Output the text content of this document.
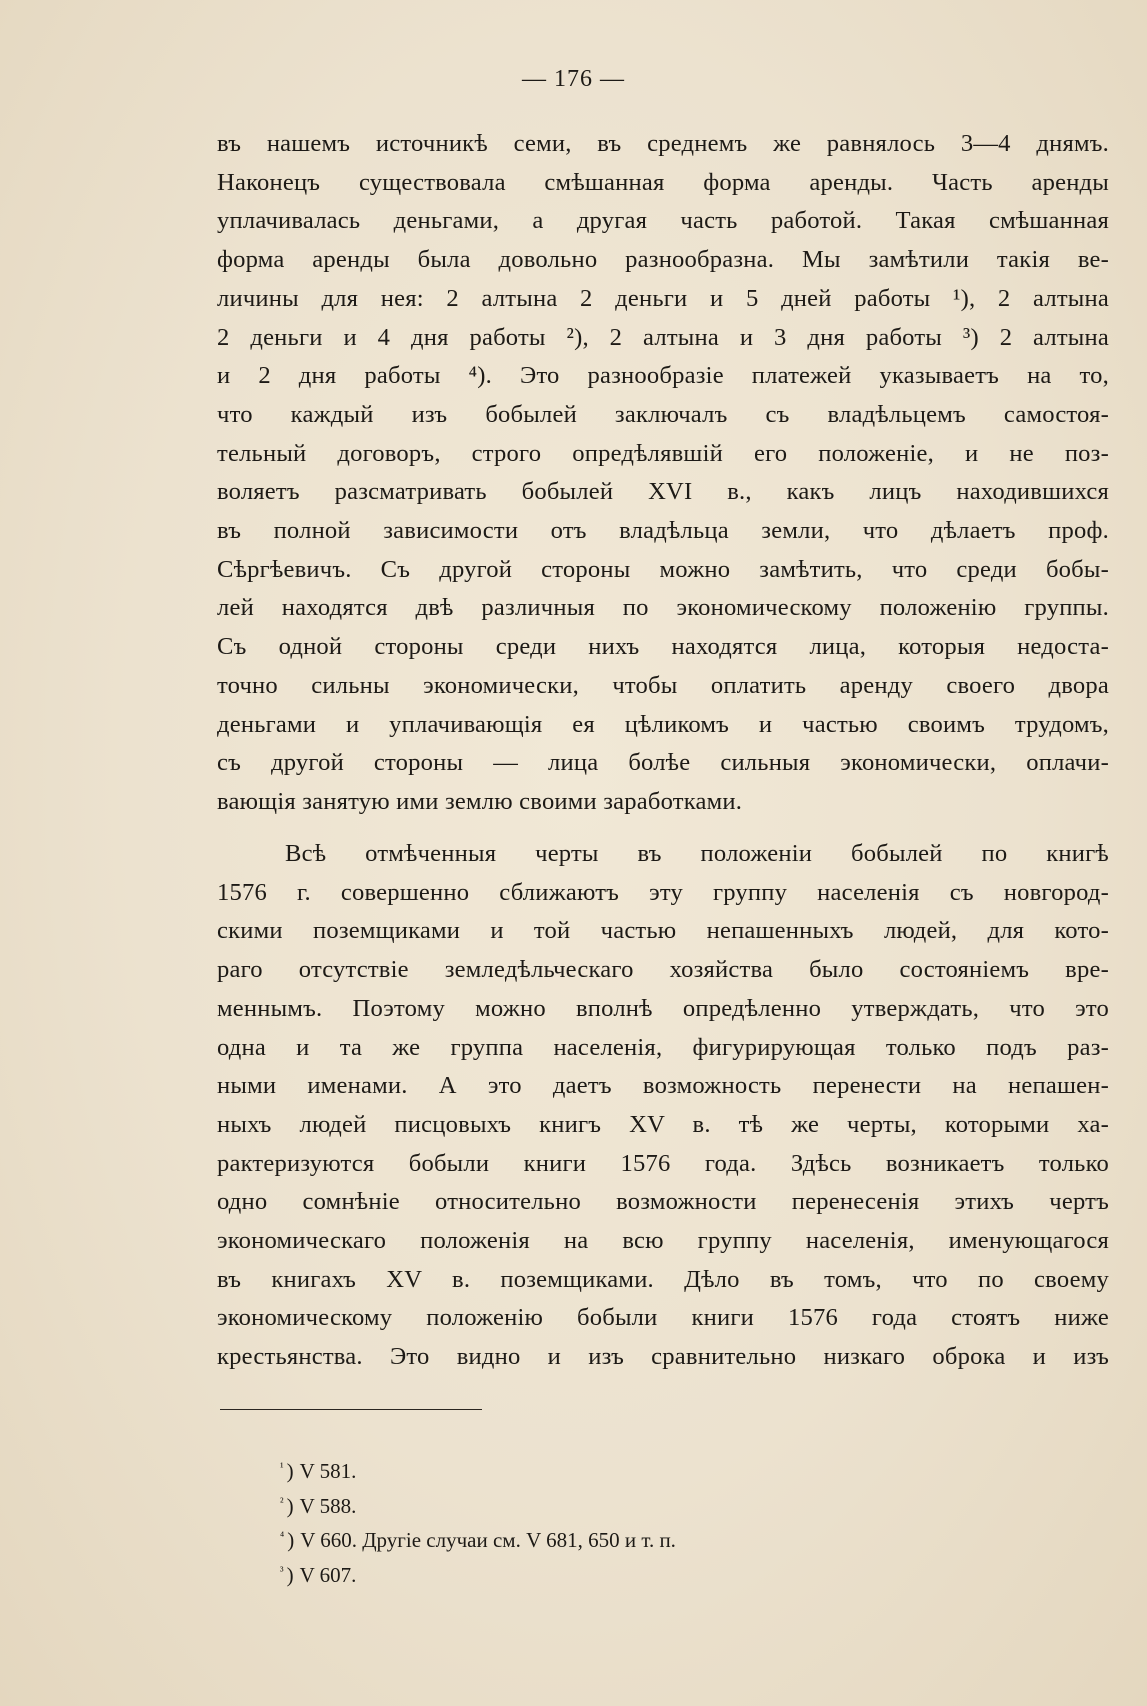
— 176 —
въ нашемъ источникѣ семи, въ среднемъ же равнялось 3—4 днямъ.
Наконецъ существовала смѣшанная форма аренды. Часть аренды
уплачивалась деньгами, а другая часть работой. Такая смѣшанная
форма аренды была довольно разнообразна. Мы замѣтили такія ве-
личины для нея: 2 алтына 2 деньги и 5 дней работы ¹), 2 алтына
2 деньги и 4 дня работы ²), 2 алтына и 3 дня работы ³) 2 алтына
и 2 дня работы ⁴). Это разнообразіе платежей указываетъ на то,
что каждый изъ бобылей заключалъ съ владѣльцемъ самостоя-
тельный договоръ, строго опредѣлявшій его положеніе, и не поз-
воляетъ разсматривать бобылей XVI в., какъ лицъ находившихся
въ полной зависимости отъ владѣльца земли, что дѣлаетъ проф.
Сѣргѣевичъ. Съ другой стороны можно замѣтить, что среди бобы-
лей находятся двѣ различныя по экономическому положенію группы.
Съ одной стороны среди нихъ находятся лица, которыя недоста-
точно сильны экономически, чтобы оплатить аренду своего двора
деньгами и уплачивающія ея цѣликомъ и частью своимъ трудомъ,
съ другой стороны — лица болѣе сильныя экономически, оплачи-
вающія занятую ими землю своими заработками.
Всѣ отмѣченныя черты въ положеніи бобылей по книгѣ
1576 г. совершенно сближаютъ эту группу населенія съ новгород-
скими поземщиками и той частью непашенныхъ людей, для кото-
раго отсутствіе земледѣльческаго хозяйства было состояніемъ вре-
меннымъ. Поэтому можно вполнѣ опредѣленно утверждать, что это
одна и та же группа населенія, фигурирующая только подъ раз-
ными именами. А это даетъ возможность перенести на непашен-
ныхъ людей писцовыхъ книгъ XV в. тѣ же черты, которыми ха-
рактеризуются бобыли книги 1576 года. Здѣсь возникаетъ только
одно сомнѣніе относительно возможности перенесенія этихъ чертъ
экономическаго положенія на всю группу населенія, именующагося
въ книгахъ XV в. поземщиками. Дѣло въ томъ, что по своему
экономическому положенію бобыли книги 1576 года стоятъ ниже
крестьянства. Это видно и изъ сравнительно низкаго оброка и изъ
¹ ) V 581.
² ) V 588.
⁴ ) V 660. Другіе случаи см. V 681, 650 и т. п.
³ ) V 607.
